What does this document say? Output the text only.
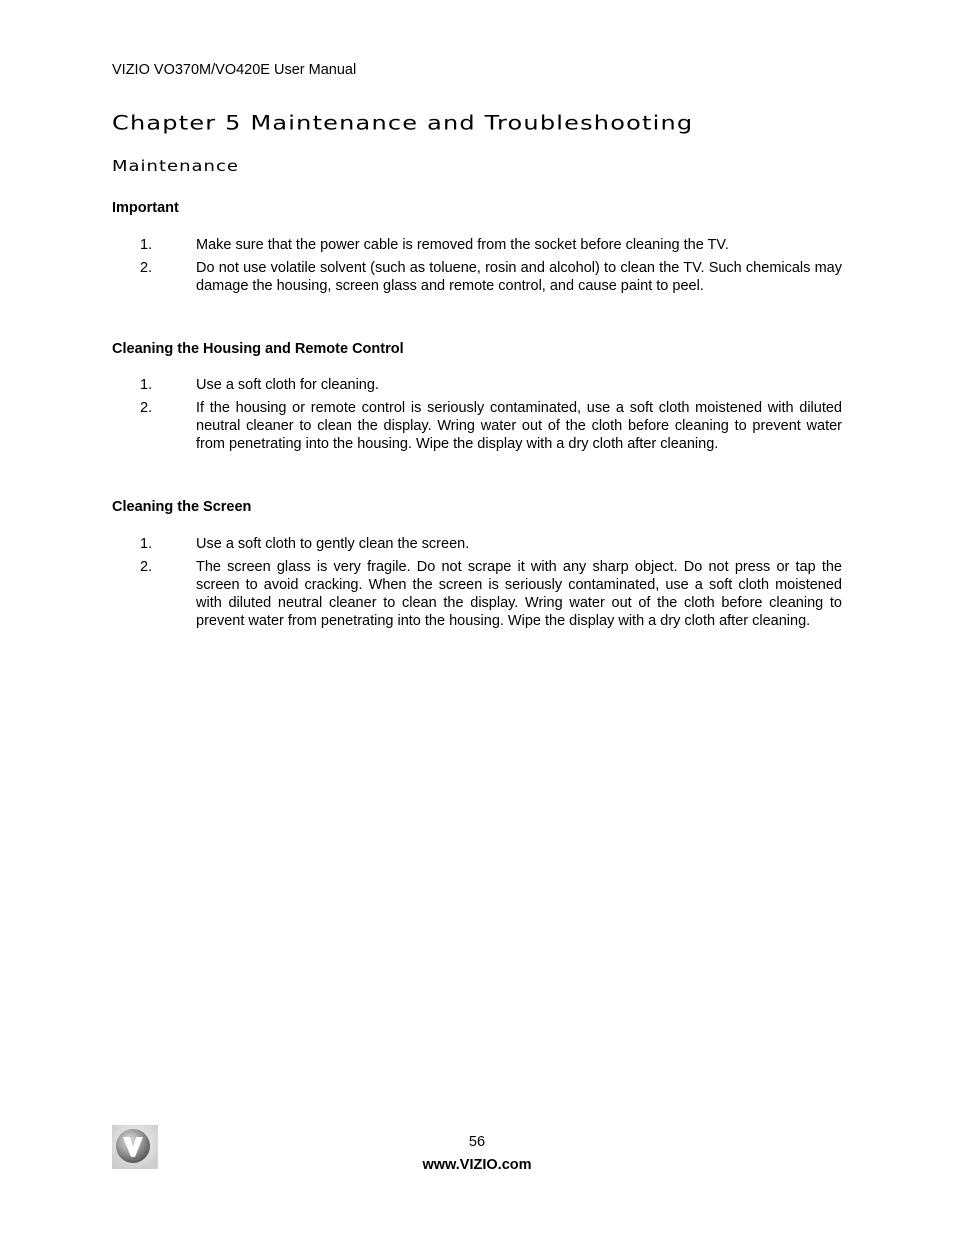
VIZIO VO370M/VO420E User Manual
Chapter 5 Maintenance and Troubleshooting
Maintenance
Important
1.	Make sure that the power cable is removed from the socket before cleaning the TV.
2.	Do not use volatile solvent (such as toluene, rosin and alcohol) to clean the TV. Such chemicals may damage the housing, screen glass and remote control, and cause paint to peel.
Cleaning the Housing and Remote Control
1.	Use a soft cloth for cleaning.
2.	If the housing or remote control is seriously contaminated, use a soft cloth moistened with diluted neutral cleaner to clean the display. Wring water out of the cloth before cleaning to prevent water from penetrating into the housing. Wipe the display with a dry cloth after cleaning.
Cleaning the Screen
1.	Use a soft cloth to gently clean the screen.
2.	The screen glass is very fragile. Do not scrape it with any sharp object. Do not press or tap the screen to avoid cracking. When the screen is seriously contaminated, use a soft cloth moistened with diluted neutral cleaner to clean the display. Wring water out of the cloth before cleaning to prevent water from penetrating into the housing. Wipe the display with a dry cloth after cleaning.
56
www.VIZIO.com
